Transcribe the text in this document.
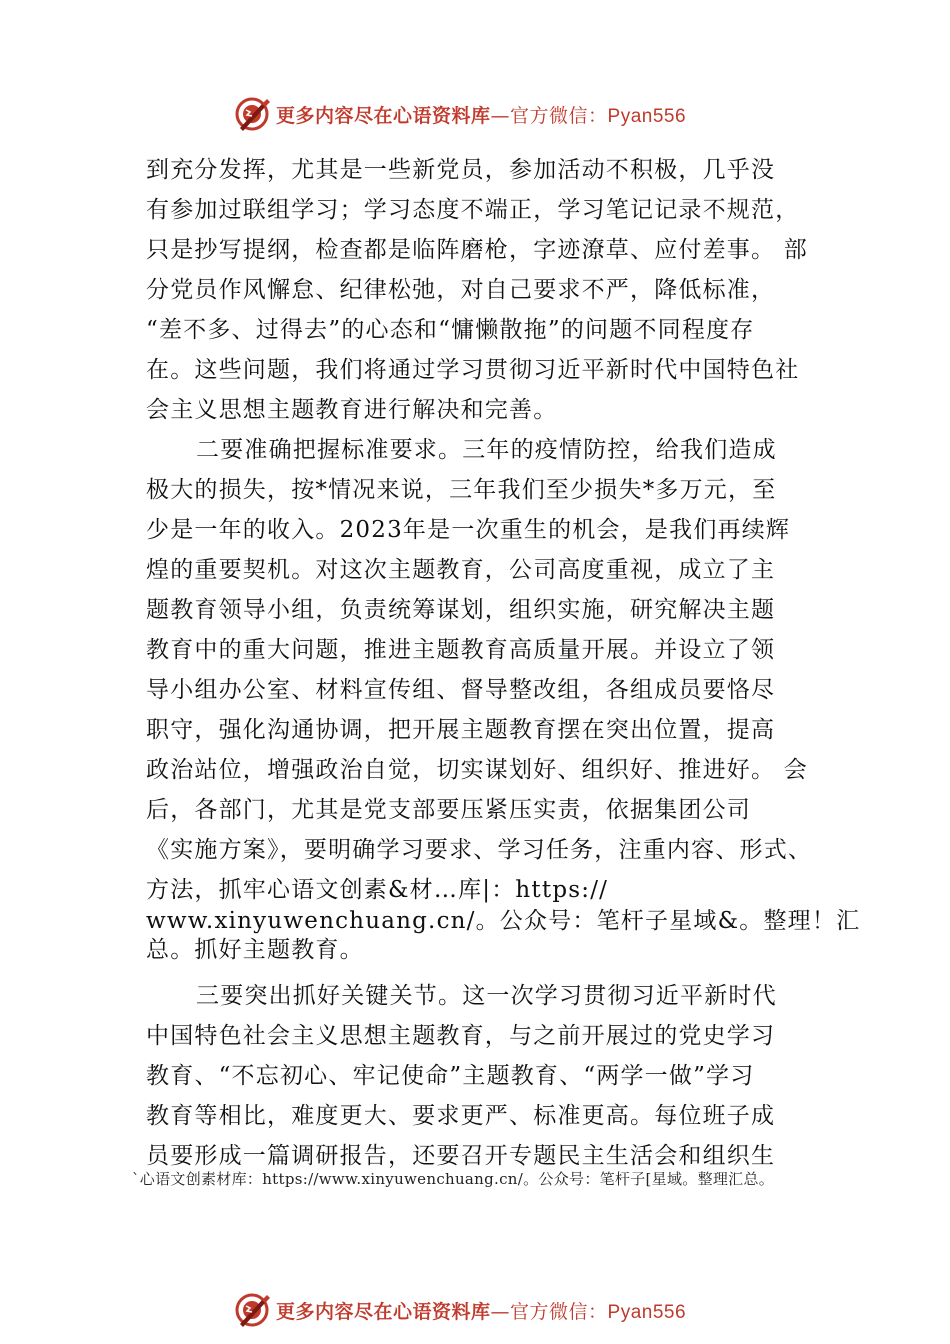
更多内容尽在心语资料库—官方微信：Pyan556
到充分发挥，尤其是一些新党员，参加活动不积极，几乎没
有参加过联组学习；学习态度不端正，学习笔记记录不规范，
只是抄写提纲，检查都是临阵磨枪，字迹潦草、应付差事。 部
分党员作风懈怠、纪律松弛，对自己要求不严，降低标准，
“差不多、过得去”的心态和“慵懒散拖”的问题不同程度存
在。这些问题，我们将通过学习贯彻习近平新时代中国特色社
会主义思想主题教育进行解决和完善。
二要准确把握标准要求。三年的疫情防控，给我们造成
极大的损失，按*情况来说，三年我们至少损失*多万元，至
少是一年的收入。2023年是一次重生的机会，是我们再续辉
煌的重要契机。对这次主题教育，公司高度重视，成立了主
题教育领导小组，负责统筹谋划，组织实施，研究解决主题
教育中的重大问题，推进主题教育高质量开展。并设立了领
导小组办公室、材料宣传组、督导整改组，各组成员要恪尽
职守，强化沟通协调，把开展主题教育摆在突出位置，提高
政治站位，增强政治自觉，切实谋划好、组织好、推进好。 会
后，各部门，尤其是党支部要压紧压实责，依据集团公司
《实施方案》，要明确学习要求、学习任务，注重内容、形式、
方法，抓牢心语文创素&材…库|：https://
www.xinyuwenchuang.cn/。公众号：笔杆子星域&。整理！汇
总。抓好主题教育。
三要突出抓好关键关节。这一次学习贯彻习近平新时代
中国特色社会主义思想主题教育，与之前开展过的党史学习
教育、“不忘初心、牢记使命”主题教育、“两学一做”学习
教育等相比，难度更大、要求更严、标准更高。每位班子成
员要形成一篇调研报告，还要召开专题民主生活会和组织生
`心语文创素材库：https://www.xinyuwenchuang.cn/。公众号：笔杆子[星域。整理汇总。
更多内容尽在心语资料库—官方微信：Pyan556
